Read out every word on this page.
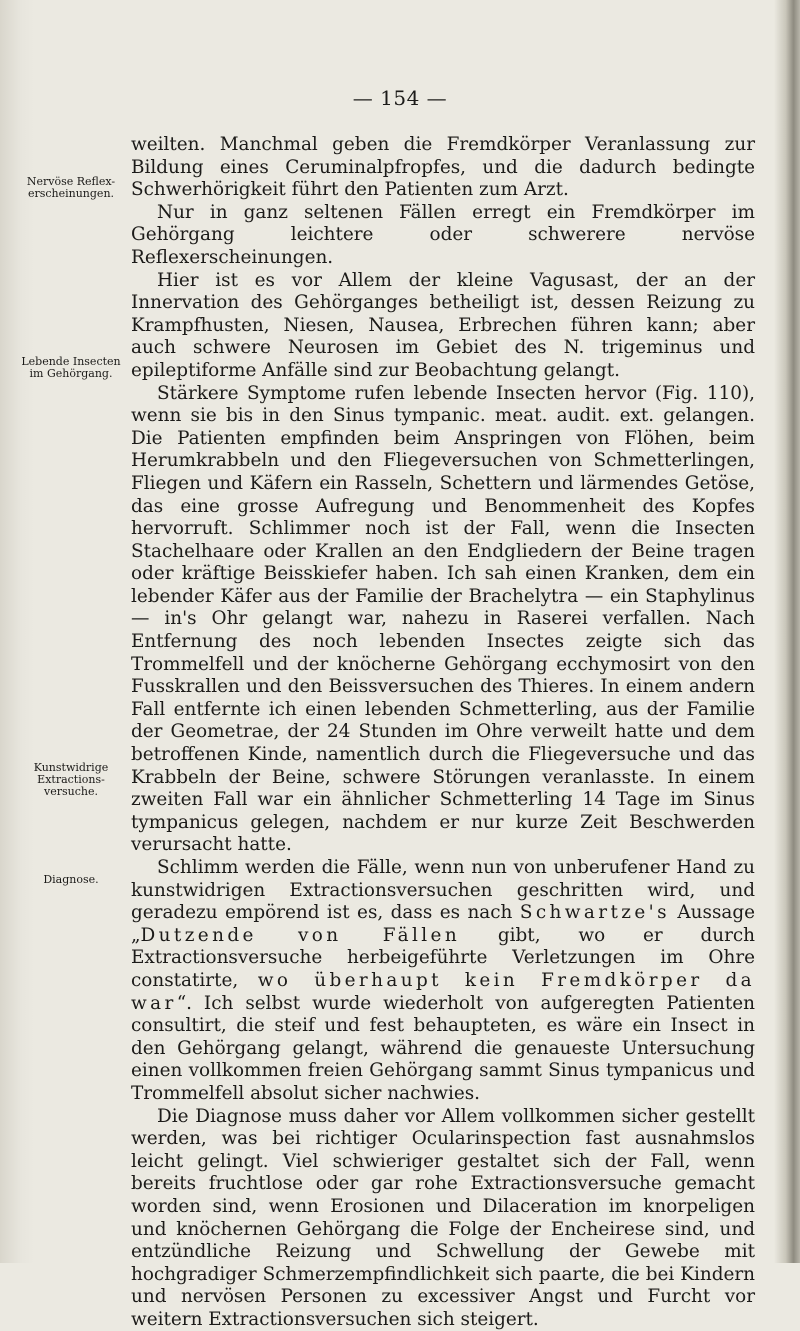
— 154 —
Nervöse Reflex-
erscheinungen.
Lebende Insecten
im Gehörgang.
Kunstwidrige
Extractions-
versuche.
Diagnose.

weilten. Manchmal geben die Fremdkörper Veranlassung zur Bildung eines Ceruminalpfropfes, und die dadurch bedingte Schwerhörigkeit führt den Patienten zum Arzt.

Nur in ganz seltenen Fällen erregt ein Fremdkörper im Gehörgang leichtere oder schwerere nervöse Reflexerscheinungen.

Hier ist es vor Allem der kleine Vagusast, der an der Innervation des Gehörganges betheiligt ist, dessen Reizung zu Krampfhusten, Niesen, Nausea, Erbrechen führen kann; aber auch schwere Neurosen im Gebiet des N. trigeminus und epileptiforme Anfälle sind zur Beobachtung gelangt.

Stärkere Symptome rufen lebende Insecten hervor (Fig. 110), wenn sie bis in den Sinus tympanic. meat. audit. ext. gelangen. Die Patienten empfinden beim Anspringen von Flöhen, beim Herumkrabbeln und den Fliegeversuchen von Schmetterlingen, Fliegen und Käfern ein Rasseln, Schettern und lärmendes Getöse, das eine grosse Aufregung und Benommenheit des Kopfes hervorruft. Schlimmer noch ist der Fall, wenn die Insecten Stachelhaare oder Krallen an den Endgliedern der Beine tragen oder kräftige Beisskiefer haben. Ich sah einen Kranken, dem ein lebender Käfer aus der Familie der Brachelytra — ein Staphylinus — in's Ohr gelangt war, nahezu in Raserei verfallen. Nach Entfernung des noch lebenden Insectes zeigte sich das Trommelfell und der knöcherne Gehörgang ecchymosirt von den Fusskrallen und den Beissversuchen des Thieres. In einem andern Fall entfernte ich einen lebenden Schmetterling, aus der Familie der Geometrae, der 24 Stunden im Ohre verweilt hatte und dem betroffenen Kinde, namentlich durch die Fliegeversuche und das Krabbeln der Beine, schwere Störungen veranlasste. In einem zweiten Fall war ein ähnlicher Schmetterling 14 Tage im Sinus tympanicus gelegen, nachdem er nur kurze Zeit Beschwerden verursacht hatte.

Schlimm werden die Fälle, wenn nun von unberufener Hand zu kunstwidrigen Extractionsversuchen geschritten wird, und geradezu empörend ist es, dass es nach Schwartze's Aussage „Dutzende von Fällen gibt, wo er durch Extractionsversuche herbeigeführte Verletzungen im Ohre constatirte, wo überhaupt kein Fremdkörper da war“. Ich selbst wurde wiederholt von aufgeregten Patienten consultirt, die steif und fest behaupteten, es wäre ein Insect in den Gehörgang gelangt, während die genaueste Untersuchung einen vollkommen freien Gehörgang sammt Sinus tympanicus und Trommelfell absolut sicher nachwies.

Die Diagnose muss daher vor Allem vollkommen sicher gestellt werden, was bei richtiger Ocularinspection fast ausnahmslos leicht gelingt. Viel schwieriger gestaltet sich der Fall, wenn bereits fruchtlose oder gar rohe Extractionsversuche gemacht worden sind, wenn Erosionen und Dilaceration im knorpeligen und knöchernen Gehörgang die Folge der Encheirese sind, und entzündliche Reizung und Schwellung der Gewebe mit hochgradiger Schmerzempfindlichkeit sich paarte, die bei Kindern und nervösen Personen zu excessiver Angst und Furcht vor weitern Extractionsversuchen sich steigert.
